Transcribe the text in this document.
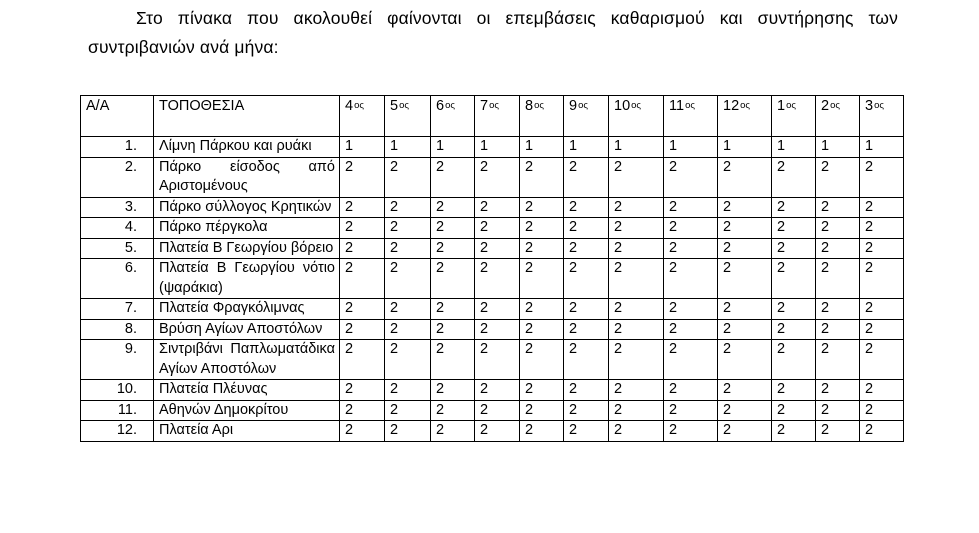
Στο πίνακα που ακολουθεί φαίνονται οι επεμβάσεις καθαρισμού και συντήρησης των
συντριβανιών ανά μήνα:
Α/Α	ΤΟΠΟΘΕΣΙΑ	$4^{o\varsigma}$	$5^{o\varsigma}$	$6^{o\varsigma}$	$7^{o\varsigma}$	$8^{o\varsigma}$	$9^{o\varsigma}$	$10^{o\varsigma}$	$11^{o\varsigma}$	$12^{o\varsigma}$	$1^{o\varsigma}$	$2^{o\varsigma}$	$3^{o\varsigma}$
1.	Λίμνη Πάρκου και ρυάκι	1	1	1	1	1	1	1	1	1	1	1	1
2.	Πάρκο είσοδος από Αριστομένους	2	2	2	2	2	2	2	2	2	2	2	2
3.	Πάρκο σύλλογος Κρητικών	2	2	2	2	2	2	2	2	2	2	2	2
4.	Πάρκο πέργκολα	2	2	2	2	2	2	2	2	2	2	2	2
5.	Πλατεία Β Γεωργίου βόρειο	2	2	2	2	2	2	2	2	2	2	2	2
6.	Πλατεία Β Γεωργίου νότιο (ψαράκια)	2	2	2	2	2	2	2	2	2	2	2	2
7.	Πλατεία Φραγκόλιμνας	2	2	2	2	2	2	2	2	2	2	2	2
8.	Βρύση Αγίων Αποστόλων	2	2	2	2	2	2	2	2	2	2	2	2
9.	Σιντριβάνι Παπλωματάδικα Αγίων Αποστόλων	2	2	2	2	2	2	2	2	2	2	2	2
10.	Πλατεία Πλέυνας	2	2	2	2	2	2	2	2	2	2	2	2
11.	Αθηνών Δημοκρίτου	2	2	2	2	2	2	2	2	2	2	2	2
12.	Πλατεία Αρι	2	2	2	2	2	2	2	2	2	2	2	2
